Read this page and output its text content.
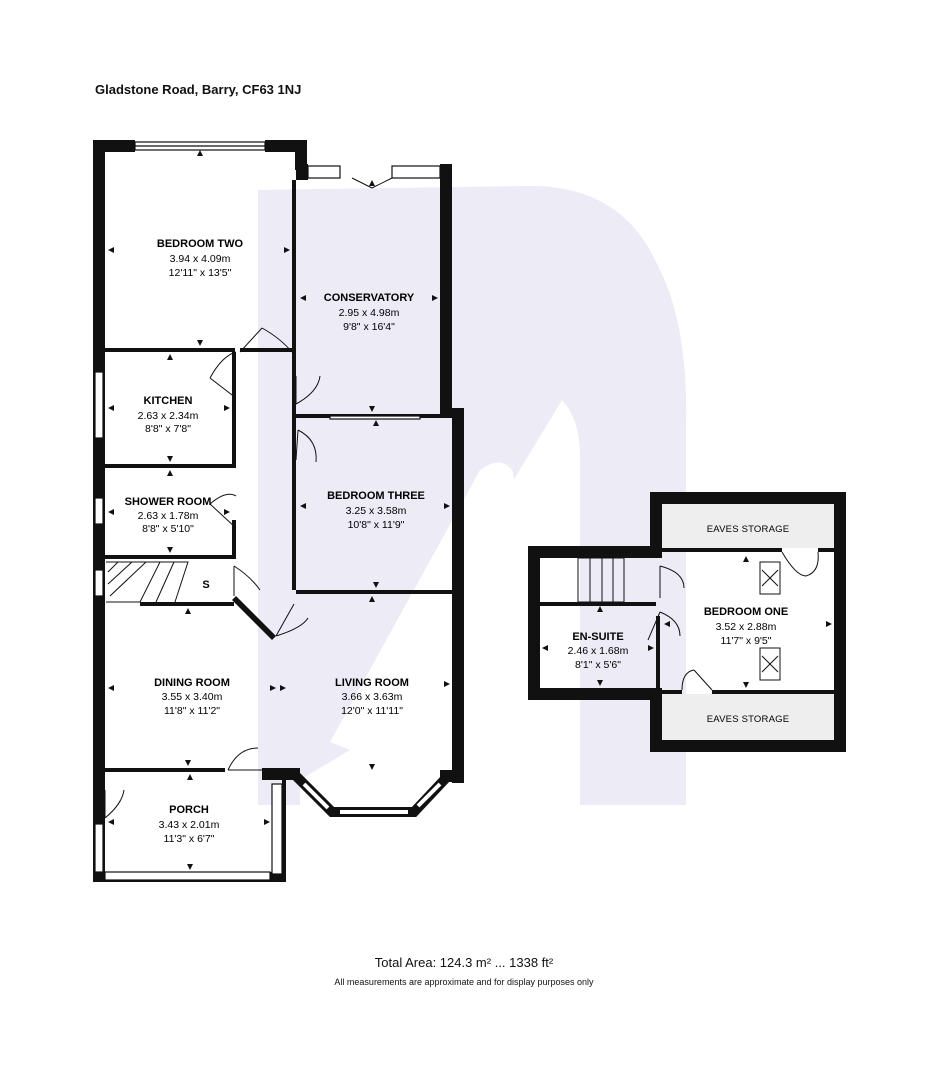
Gladstone Road, Barry, CF63 1NJ
BEDROOM TWO
3.94 x 4.09m
12'11" x 13'5"
CONSERVATORY
2.95 x 4.98m
9'8" x 16'4"
KITCHEN
2.63 x 2.34m
8'8" x 7'8"
SHOWER ROOM
2.63 x 1.78m
8'8" x 5'10"
BEDROOM THREE
3.25 x 3.58m
10'8" x 11'9"
S
DINING ROOM
3.55 x 3.40m
11'8" x 11'2"
LIVING ROOM
3.66 x 3.63m
12'0" x 11'11"
PORCH
3.43 x 2.01m
11'3" x 6'7"
EAVES STORAGE
EAVES STORAGE
BEDROOM ONE
3.52 x 2.88m
11'7" x 9'5"
EN-SUITE
2.46 x 1.68m
8'1" x 5'6"
Total Area: 124.3 m² ... 1338 ft²
All measurements are approximate and for display purposes only
